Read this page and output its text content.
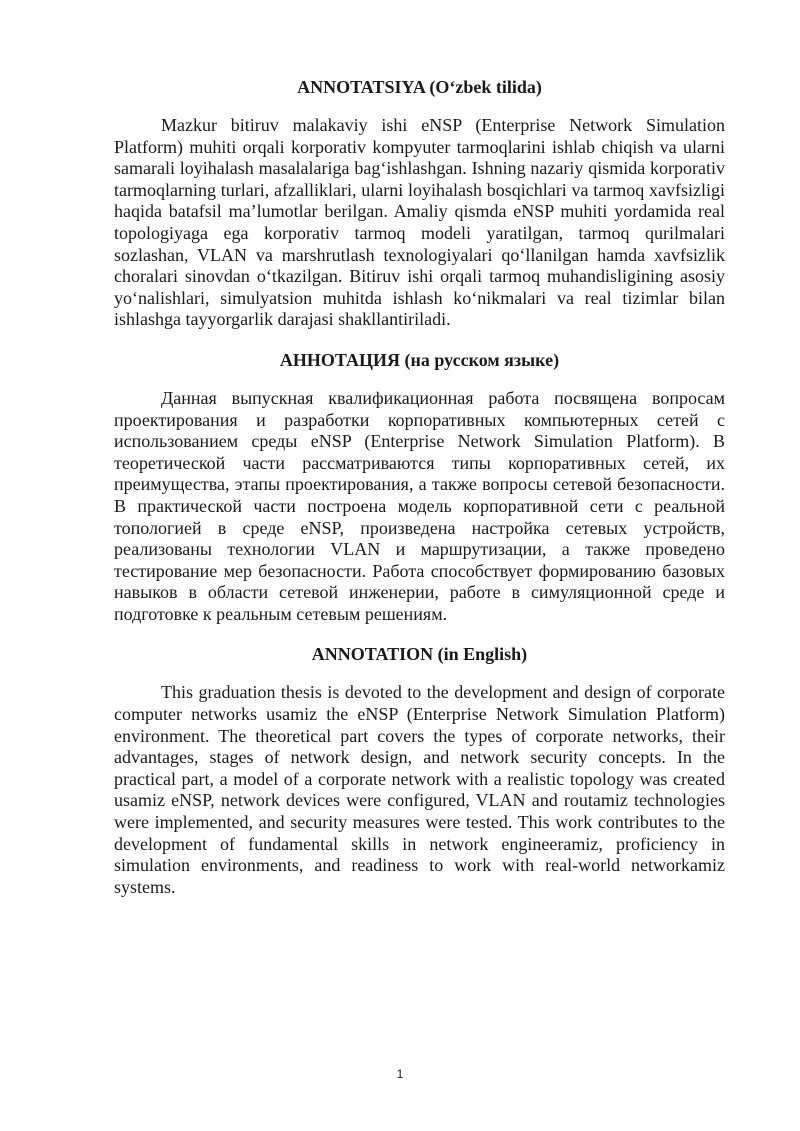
ANNOTATSIYA (O‘zbek tilida)

Mazkur bitiruv malakaviy ishi eNSP (Enterprise Network Simulation Platform) muhiti orqali korporativ kompyuter tarmoqlarini ishlab chiqish va ularni samarali loyihalash masalalariga bag‘ishlashgan. Ishning nazariy qismida korporativ tarmoqlarning turlari, afzalliklari, ularni loyihalash bosqichlari va tarmoq xavfsizligi haqida batafsil ma’lumotlar berilgan. Amaliy qismda eNSP muhiti yordamida real topologiyaga ega korporativ tarmoq modeli yaratilgan, tarmoq qurilmalari sozlashan, VLAN va marshrutlash texnologiyalari qo‘llanilgan hamda xavfsizlik choralari sinovdan o‘tkazilgan. Bitiruv ishi orqali tarmoq muhandisligining asosiy yo‘nalishlari, simulyatsion muhitda ishlash ko‘nikmalari va real tizimlar bilan ishlashga tayyorgarlik darajasi shakllantiriladi.

АННОТАЦИЯ (на русском языке)

Данная выпускная квалификационная работа посвящена вопросам проектирования и разработки корпоративных компьютерных сетей с использованием среды eNSP (Enterprise Network Simulation Platform). В теоретической части рассматриваются типы корпоративных сетей, их преимущества, этапы проектирования, а также вопросы сетевой безопасности. В практической части построена модель корпоративной сети с реальной топологией в среде eNSP, произведена настройка сетевых устройств, реализованы технологии VLAN и маршрутизации, а также проведено тестирование мер безопасности. Работа способствует формированию базовых навыков в области сетевой инженерии, работе в симуляционной среде и подготовке к реальным сетевым решениям.

ANNOTATION (in English)

This graduation thesis is devoted to the development and design of corporate computer networks usamiz the eNSP (Enterprise Network Simulation Platform) environment. The theoretical part covers the types of corporate networks, their advantages, stages of network design, and network security concepts. In the practical part, a model of a corporate network with a realistic topology was created usamiz eNSP, network devices were configured, VLAN and routamiz technologies were implemented, and security measures were tested. This work contributes to the development of fundamental skills in network engineeramiz, proficiency in simulation environments, and readiness to work with real-world networkamiz systems.

1
